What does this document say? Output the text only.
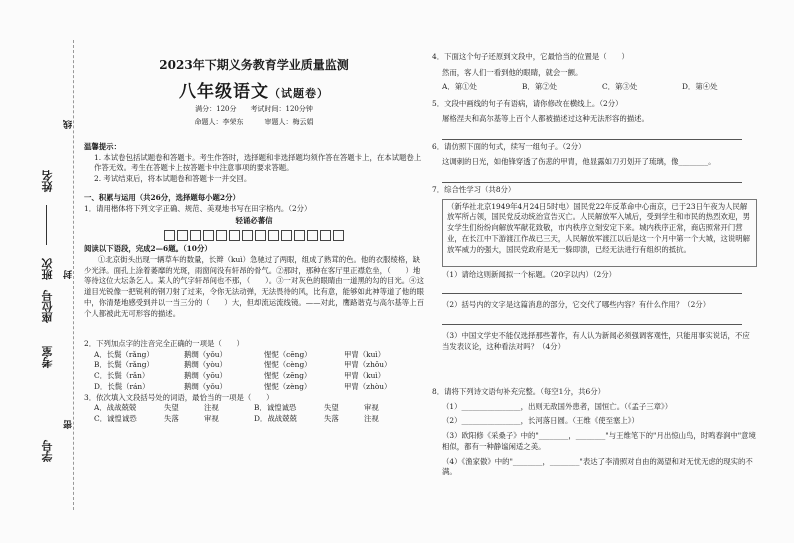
姓名
班次
座位号
考室
学号
线
封
密
2023年下期义务教育学业质量监测
八年级语文（试题卷）
满分：120分　　考试时间：120分钟
命题人：李荣东　　　审题人：梅云娟
温馨提示：
1. 本试卷包括试题卷和答题卡。考生作答时，选择题和非选择题均须作答在答题卡上，在本试题卷上作答无效。考生在答题卡上按答题卡中注意事项的要求答题。
2. 考试结束后，将本试题卷和答题卡一并交回。
一、积累与运用（共26分，选择题每小题2分）
1．请用楷体将下列文字正确、规范、美观地书写在田字格内。（2分）
轻诵必蕃信
阅读以下语段，完成2—6题。（10分）
①北京街头出现一辆草车的数量，长辫（kuì）急驰过了两眼，组成了熟茸的色。他的衣服绫格，缺少光泽。面孔上涂着萎靡的光斑，雨窗间没有轩昂的骨气。②那时，那种在客厅里正襟危坐，（　　）地等待这位大坛条乞人。某人的气字轩昂间也不那，（　　）。③一对灰色的眼睛由一道黑的勾的目光。④这道目光锐像一把锐利的钢刀射了过来，令你无法动弹，无法畏待的风，比有意，能够如此神等道了他的眼中，你清楚地感受到并以一当三分的（　　）大，但却流运流线镜。——对此，鹰路谐克与高尔基等上百个人都被此无可形容的描述。
2．下列加点字的注音完全正确的一项是（　　）
A．长鬓（rǎng）	鹅绸（yǒu）	惺怩（cēng）	甲胄（kuì）
B．长鬓（rǎng）	鹅绸（yòu）	惺怩（cèng）	甲胄（zhǒu）
C．长鬓（rǎn）	鹅绸（yōu）	惺怩（zēng）	甲胄（kuì）
D．长鬓（rán）	鹅绸（yǒu）	惺怩（zèng）	甲胄（zhòu）
3．依次填入文段括号处的词语，最恰当的一项是（　　）
A．战战兢兢	失望	注视	B．诚惶诚恐	失望	审视
C．诚惶诚恐	失落	审视	D．战战兢兢	失落	注视
4．下面这个句子还原到文段中，它最恰当的位置是（　　）
然而，客人们一看到他的眼睛，就会一颤。
A．第①处	B．第②处	C．第③处	D．第④处
5．文段中画线的句子有语病，请你修改在横线上。（2分）
屠格涅夫和高尔基等上百个人都被描述过这种无法形容的描述。
6．请仿照下面的句式，续写一组句子。（2分）
这调刺的日光，如他锋穿透了伤悲的甲胄，他显露如刀刃划开了琉璃，像________。
7．综合性学习（共8分）
（新华社北京1949年4月24日5时电）国民党22年反革命中心南京，已于23日午夜为人民解放军所占领，国民党反动统治宣告灭亡。人民解放军入城后，受到学生和市民的热烈欢迎，男女学生们纷纷向解放军献花致敬，市内秩序立刻安定下来。城内秩序正常，商店照常开门营业，在长江中下游渡江作战已三天，人民解放军渡江以后是这一个月中第一个大城，这说明解放军威力的强大，国民党政府是无一躲即溃，已经无法进行有组织的抵抗。
（1）请给这则新闻拟一个标题。（20字以内）（2分）
（2）括号内的文字是这篇消息的部分，它交代了哪些内容？有什么作用？（2分）
（3）中国文学史不能仅选择那些著作，有人认为新闻必须强调客观性，只能用事实说话，不应当发表议论，这种看法对吗？（4分）
8．请将下列诗文语句补充完整。（每空1分，共6分）
（1）________________，出则无敌国外患者，国恒亡。（《孟子三章》）
（2）________________，长河落日圆。（王维《使至塞上》）
（3）欧阳修《采桑子》中的"________，________"与王维笔下的"月出惊山鸟，时鸣春涧中"意境相似，都有一种静谧闲适之美。
（4）《渔家傲》中的"________，________"表达了李清照对自由的渴望和对无忧无虑的现实的不满。
